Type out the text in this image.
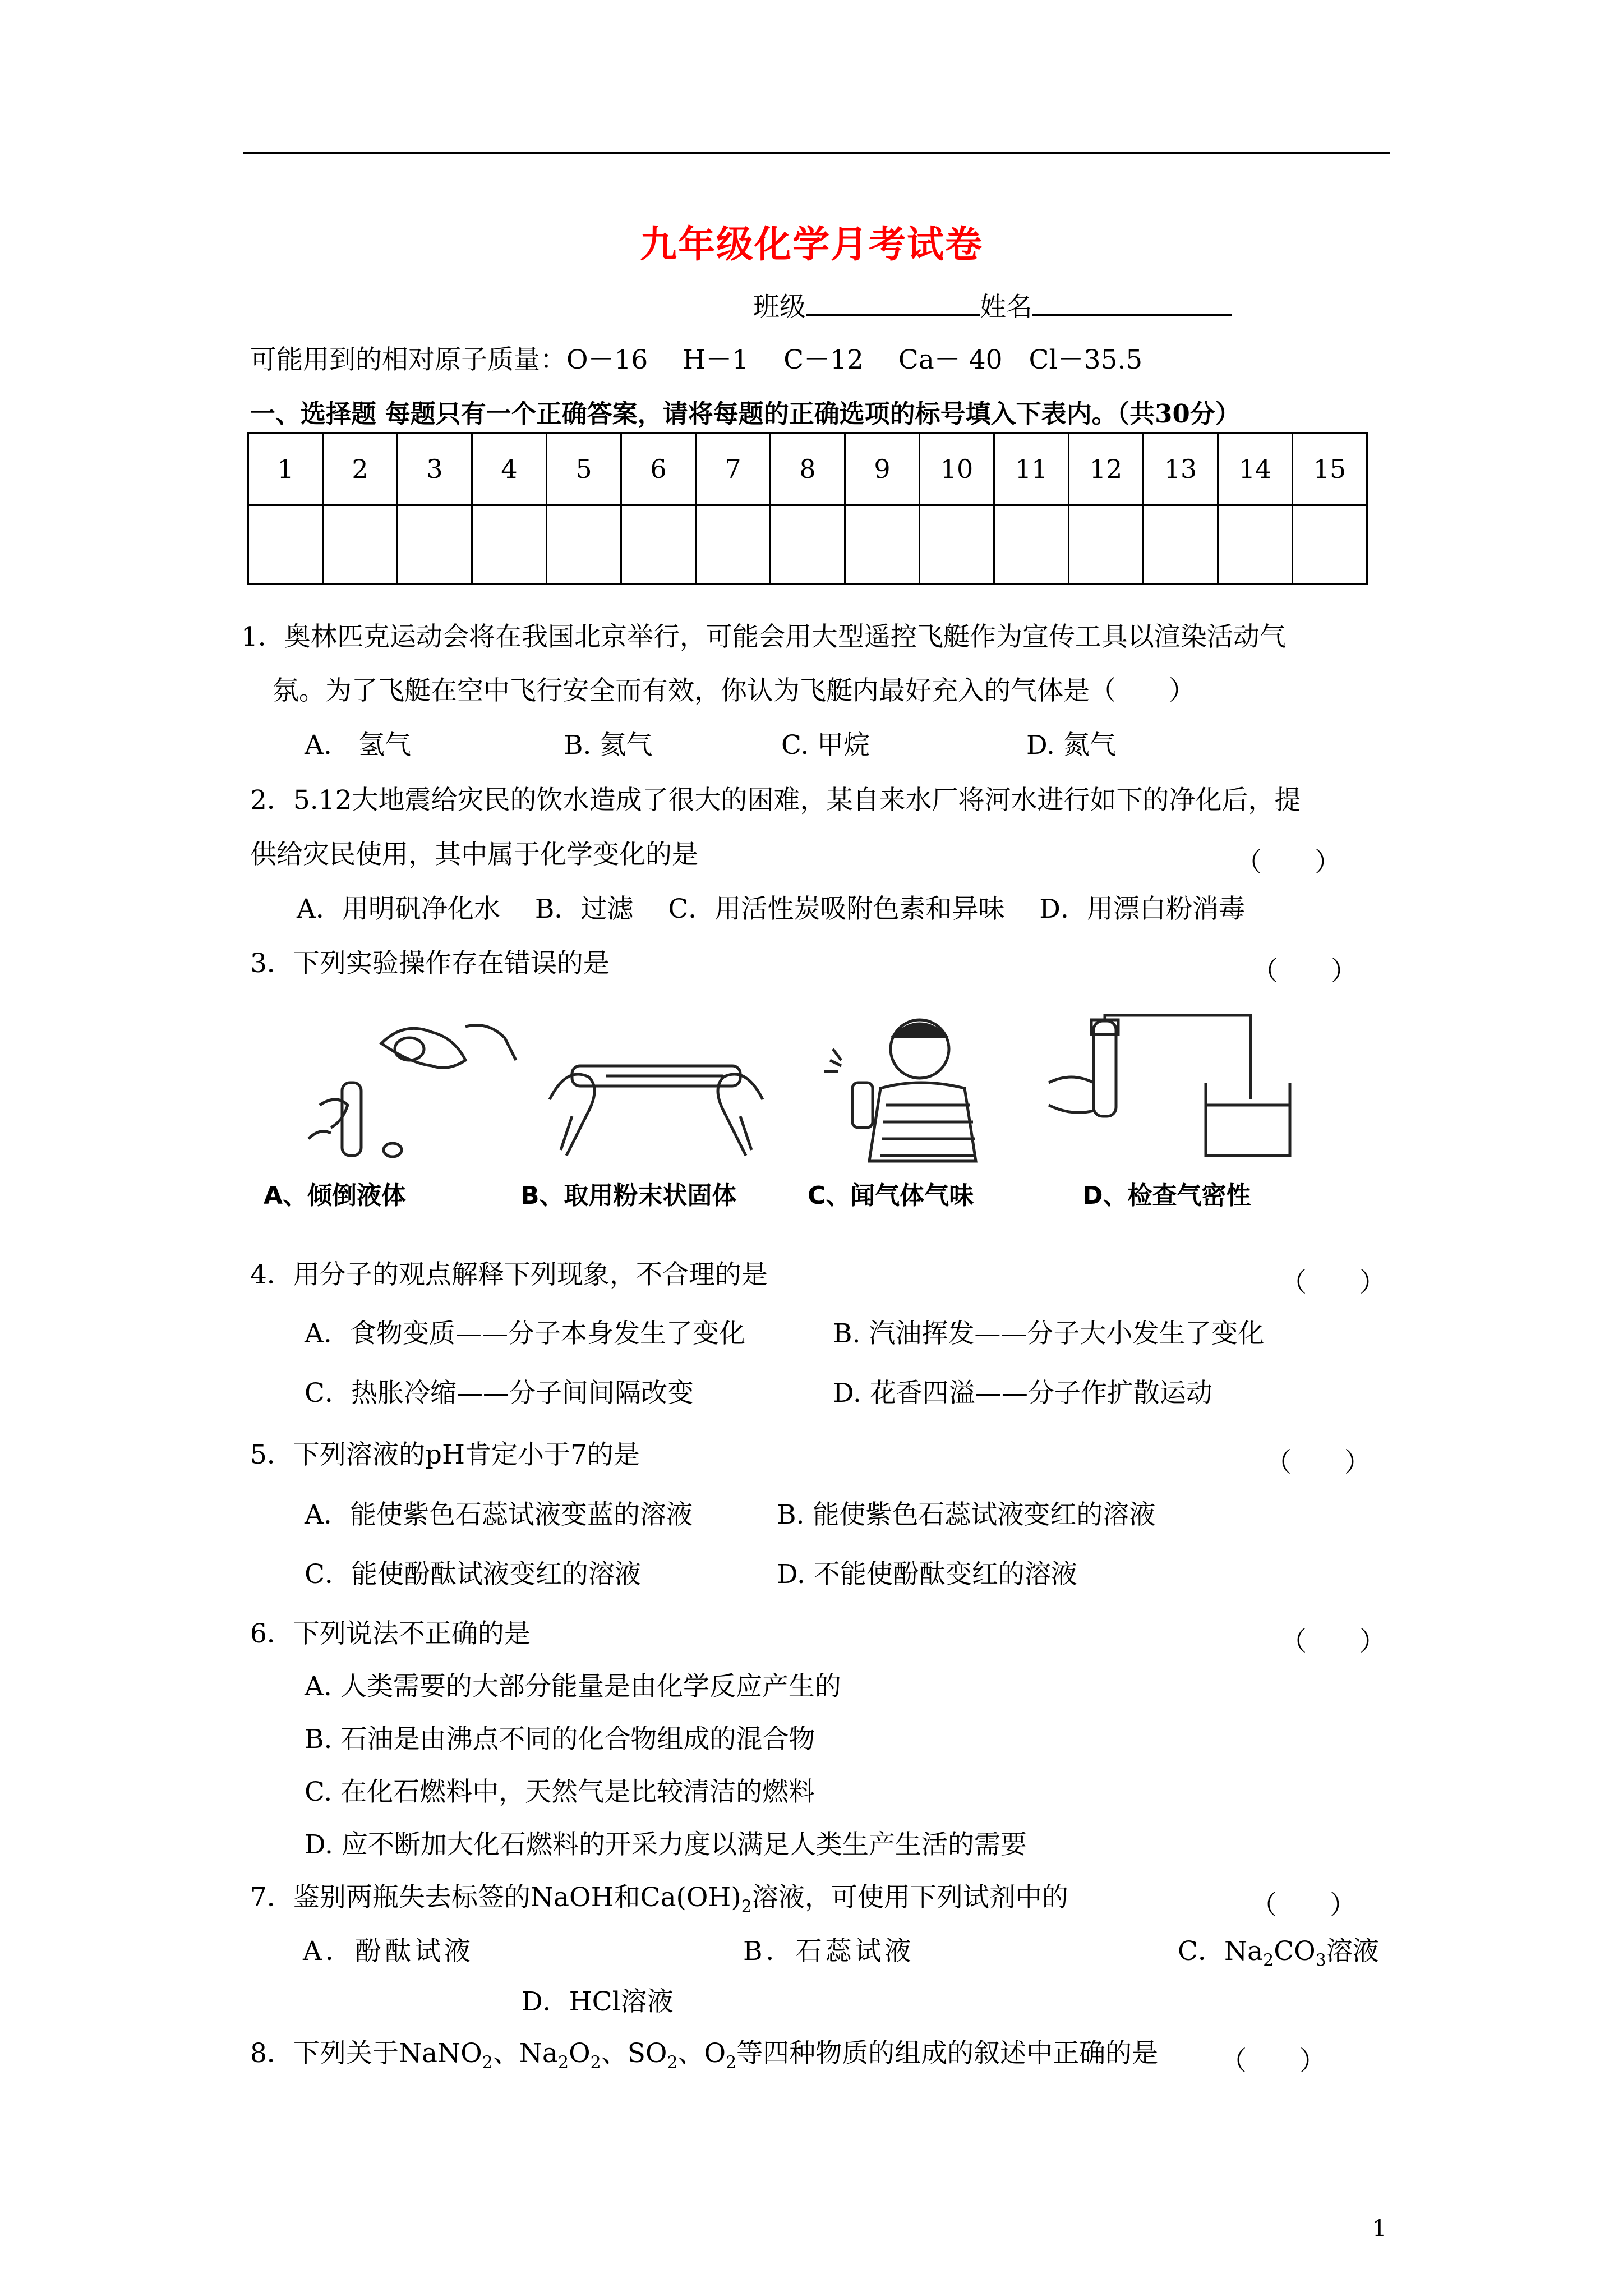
九年级化学月考试卷
班级	姓名
可能用到的相对原子质量：O－16　 H－1　 C－12　 Ca－ 40　Cl－35.5
一、选择题 每题只有一个正确答案，请将每题的正确选项的标号填入下表内。（共30分）
1	2	3	4	5	6	7	8	9	10	11	12	13	14	15

1．奥林匹克运动会将在我国北京举行，可能会用大型遥控飞艇作为宣传工具以渲染活动气
氛。为了飞艇在空中飞行安全而有效，你认为飞艇内最好充入的气体是（　　）
A.　氢气	B. 氦气	C. 甲烷	D. 氮气
2．5.12大地震给灾民的饮水造成了很大的困难，某自来水厂将河水进行如下的净化后，提
供给灾民使用，其中属于化学变化的是	（　　）
A．用明矾净化水　 B．过滤　 C．用活性炭吸附色素和异味　 D．用漂白粉消毒
3．下列实验操作存在错误的是	（　　）
A、倾倒液体	B、取用粉末状固体	C、闻气体气味	D、检查气密性
4．用分子的观点解释下列现象，不合理的是	（　　）
A．食物变质——分子本身发生了变化	B. 汽油挥发——分子大小发生了变化
C．热胀冷缩——分子间间隔改变	D. 花香四溢——分子作扩散运动
5．下列溶液的pH肯定小于7的是	（　　）
A．能使紫色石蕊试液变蓝的溶液	B. 能使紫色石蕊试液变红的溶液
C．能使酚酞试液变红的溶液	D. 不能使酚酞变红的溶液
6．下列说法不正确的是	（　　）
A. 人类需要的大部分能量是由化学反应产生的
B. 石油是由沸点不同的化合物组成的混合物
C. 在化石燃料中，天然气是比较清洁的燃料
D. 应不断加大化石燃料的开采力度以满足人类生产生活的需要
7．鉴别两瓶失去标签的NaOH和$Ca(OH)_2$溶液，可使用下列试剂中的	（　　）
A．酚酞试液	B．石蕊试液	C．$Na_2CO_3$溶液
D．HCl溶液
8．下列关于NaNO$_2$、$Na_2O_2$、$SO_2$、$O_2$等四种物质的组成的叙述中正确的是 （　　）
1
